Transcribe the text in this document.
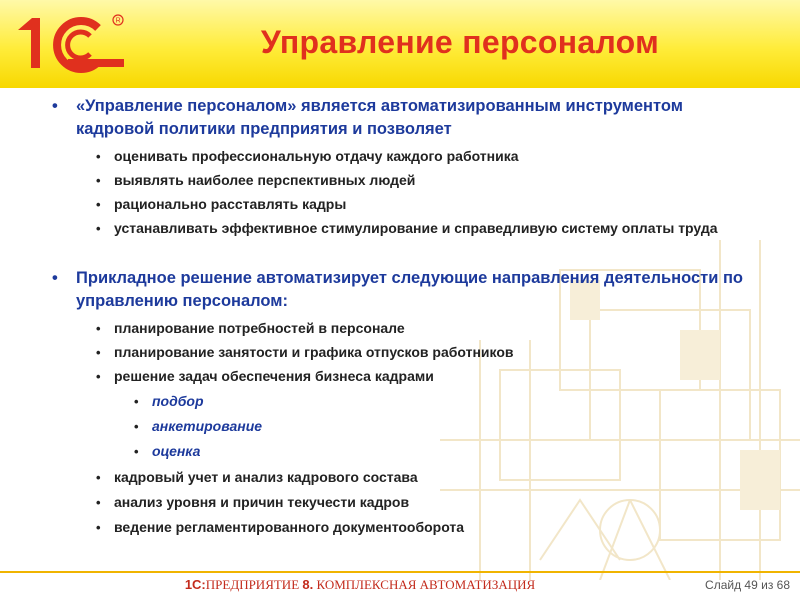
R
Управление персоналом
•	«Управление персоналом» является автоматизированным инструментом кадровой политики предприятия и позволяет
• оценивать профессиональную отдачу каждого работника
• выявлять наиболее перспективных людей
• рационально расставлять кадры
• устанавливать эффективное стимулирование и справедливую систему оплаты труда
•	Прикладное решение автоматизирует следующие направления деятельности по управлению персоналом:
• планирование потребностей в персонале
• планирование занятости и графика отпусков работников
• решение задач обеспечения бизнеса кадрами
• подбор
• анкетирование
• оценка
• кадровый учет и анализ кадрового состава
• анализ уровня и причин текучести кадров
• ведение регламентированного документооборота
1С:ПРЕДПРИЯТИЕ 8. КОМПЛЕКСНАЯ АВТОМАТИЗАЦИЯ	Слайд 49 из 68
